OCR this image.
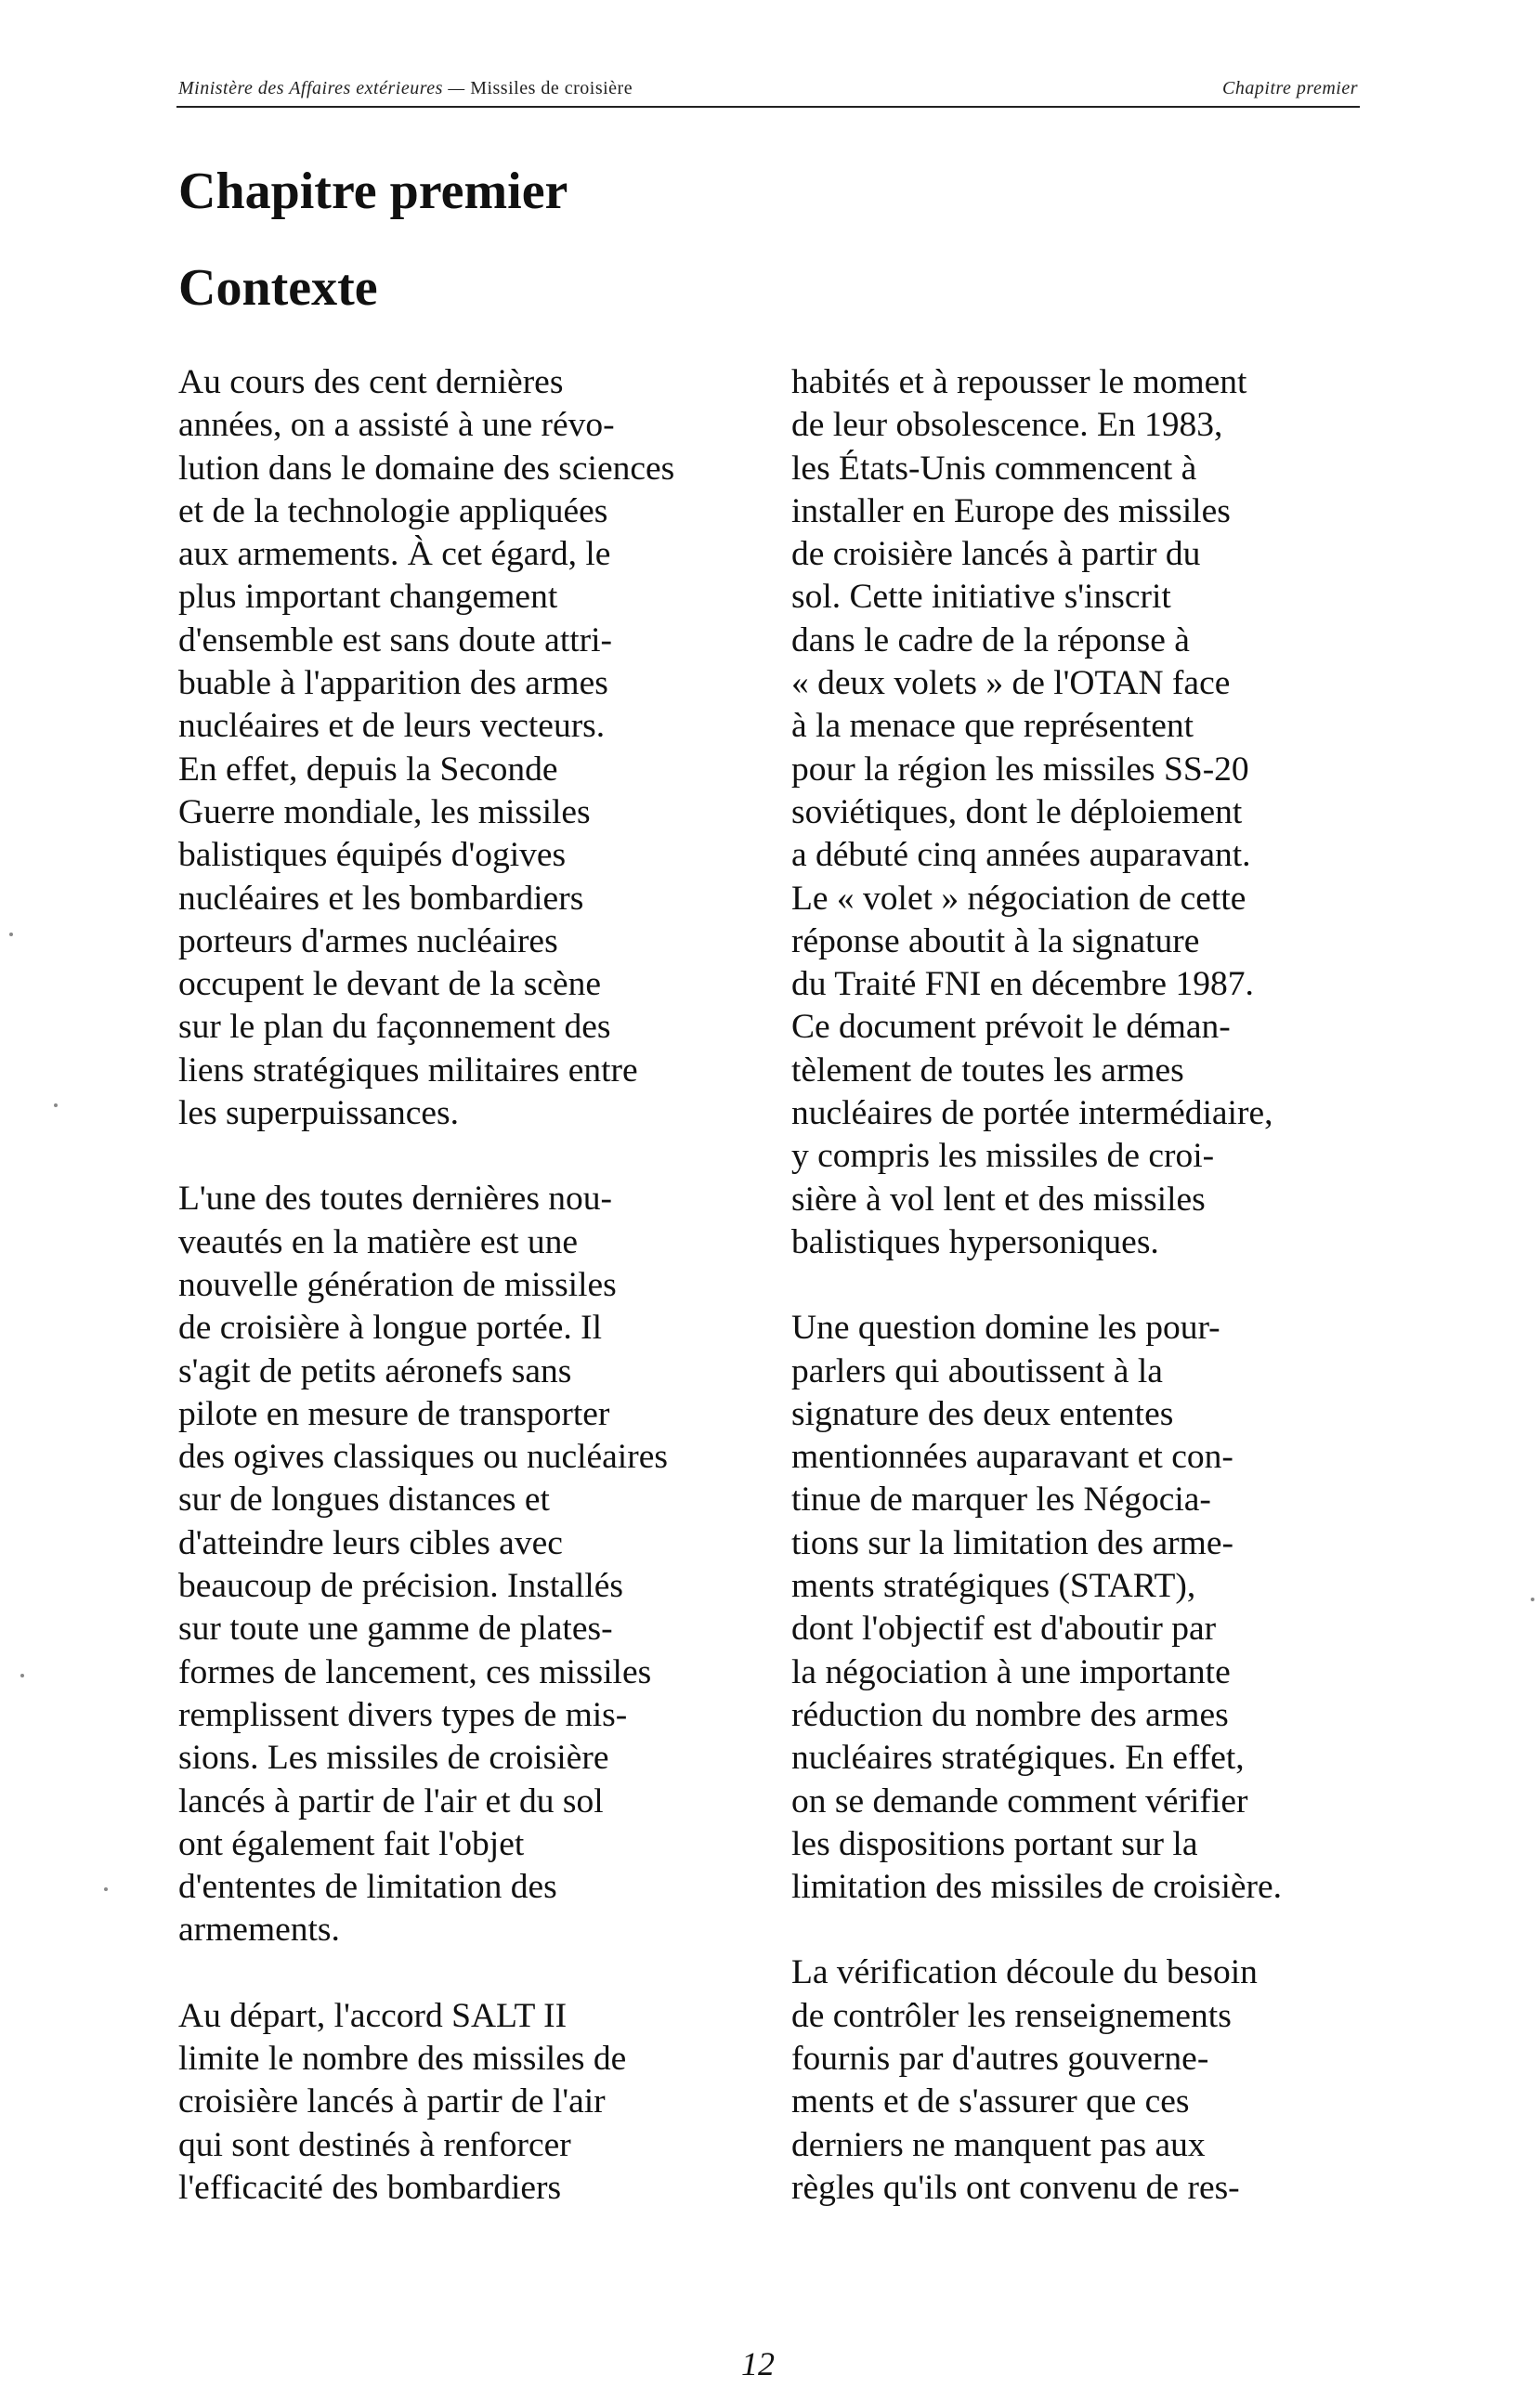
Ministère des Affaires extérieures — Missiles de croisière	Chapitre premier
Chapitre premier
Contexte

Au cours des cent dernières
années, on a assisté à une révo-
lution dans le domaine des sciences
et de la technologie appliquées
aux armements. À cet égard, le
plus important changement
d'ensemble est sans doute attri-
buable à l'apparition des armes
nucléaires et de leurs vecteurs.
En effet, depuis la Seconde
Guerre mondiale, les missiles
balistiques équipés d'ogives
nucléaires et les bombardiers
porteurs d'armes nucléaires
occupent le devant de la scène
sur le plan du façonnement des
liens stratégiques militaires entre
les superpuissances.

L'une des toutes dernières nou-
veautés en la matière est une
nouvelle génération de missiles
de croisière à longue portée. Il
s'agit de petits aéronefs sans
pilote en mesure de transporter
des ogives classiques ou nucléaires
sur de longues distances et
d'atteindre leurs cibles avec
beaucoup de précision. Installés
sur toute une gamme de plates-
formes de lancement, ces missiles
remplissent divers types de mis-
sions. Les missiles de croisière
lancés à partir de l'air et du sol
ont également fait l'objet
d'ententes de limitation des
armements.

Au départ, l'accord SALT II
limite le nombre des missiles de
croisière lancés à partir de l'air
qui sont destinés à renforcer
l'efficacité des bombardiers

habités et à repousser le moment
de leur obsolescence. En 1983,
les États-Unis commencent à
installer en Europe des missiles
de croisière lancés à partir du
sol. Cette initiative s'inscrit
dans le cadre de la réponse à
« deux volets » de l'OTAN face
à la menace que représentent
pour la région les missiles SS-20
soviétiques, dont le déploiement
a débuté cinq années auparavant.
Le « volet » négociation de cette
réponse aboutit à la signature
du Traité FNI en décembre 1987.
Ce document prévoit le déman-
tèlement de toutes les armes
nucléaires de portée intermédiaire,
y compris les missiles de croi-
sière à vol lent et des missiles
balistiques hypersoniques.

Une question domine les pour-
parlers qui aboutissent à la
signature des deux ententes
mentionnées auparavant et con-
tinue de marquer les Négocia-
tions sur la limitation des arme-
ments stratégiques (START),
dont l'objectif est d'aboutir par
la négociation à une importante
réduction du nombre des armes
nucléaires stratégiques. En effet,
on se demande comment vérifier
les dispositions portant sur la
limitation des missiles de croisière.

La vérification découle du besoin
de contrôler les renseignements
fournis par d'autres gouverne-
ments et de s'assurer que ces
derniers ne manquent pas aux
règles qu'ils ont convenu de res-

12
